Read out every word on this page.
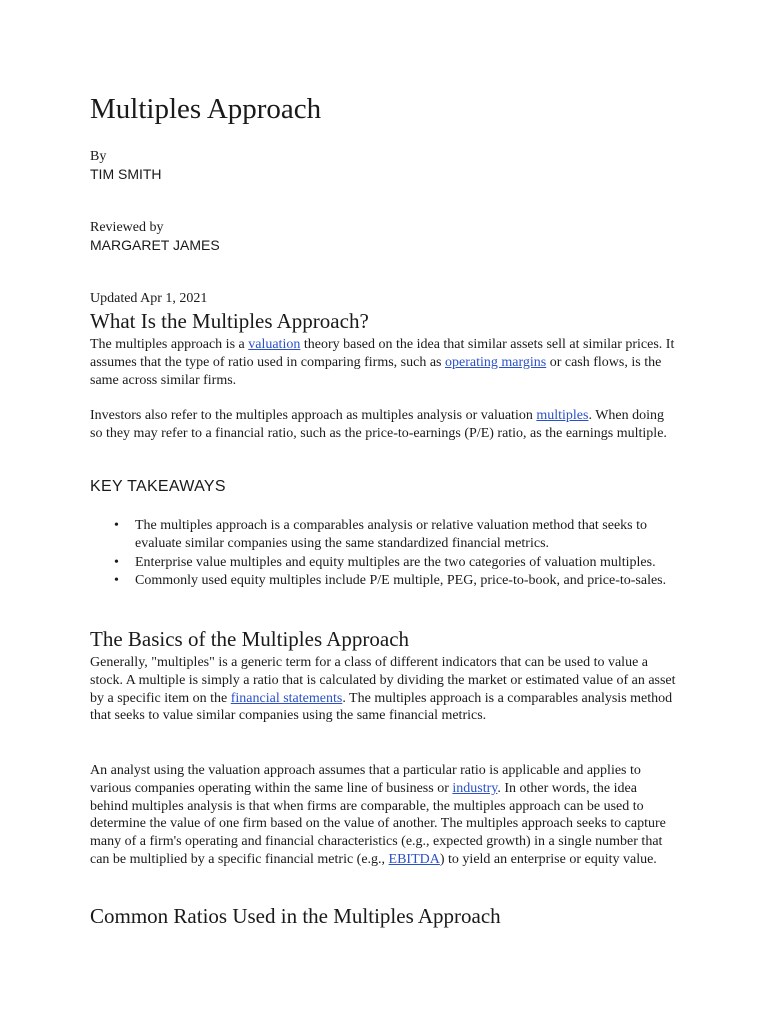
Multiples Approach
By
TIM SMITH
Reviewed by
MARGARET JAMES
Updated Apr 1, 2021
What Is the Multiples Approach?

The multiples approach is a valuation theory based on the idea that similar assets sell at similar prices. It assumes that the type of ratio used in comparing firms, such as operating margins or cash flows, is the same across similar firms.

Investors also refer to the multiples approach as multiples analysis or valuation multiples. When doing so they may refer to a financial ratio, such as the price-to-earnings (P/E) ratio, as the earnings multiple.

KEY TAKEAWAYS
• The multiples approach is a comparables analysis or relative valuation method that seeks to evaluate similar companies using the same standardized financial metrics.
• Enterprise value multiples and equity multiples are the two categories of valuation multiples.
• Commonly used equity multiples include P/E multiple, PEG, price-to-book, and price-to-sales.
The Basics of the Multiples Approach

Generally, "multiples" is a generic term for a class of different indicators that can be used to value a stock. A multiple is simply a ratio that is calculated by dividing the market or estimated value of an asset by a specific item on the financial statements. The multiples approach is a comparables analysis method that seeks to value similar companies using the same financial metrics.

An analyst using the valuation approach assumes that a particular ratio is applicable and applies to various companies operating within the same line of business or industry. In other words, the idea behind multiples analysis is that when firms are comparable, the multiples approach can be used to determine the value of one firm based on the value of another. The multiples approach seeks to capture many of a firm's operating and financial characteristics (e.g., expected growth) in a single number that can be multiplied by a specific financial metric (e.g., EBITDA) to yield an enterprise or equity value.

Common Ratios Used in the Multiples Approach
